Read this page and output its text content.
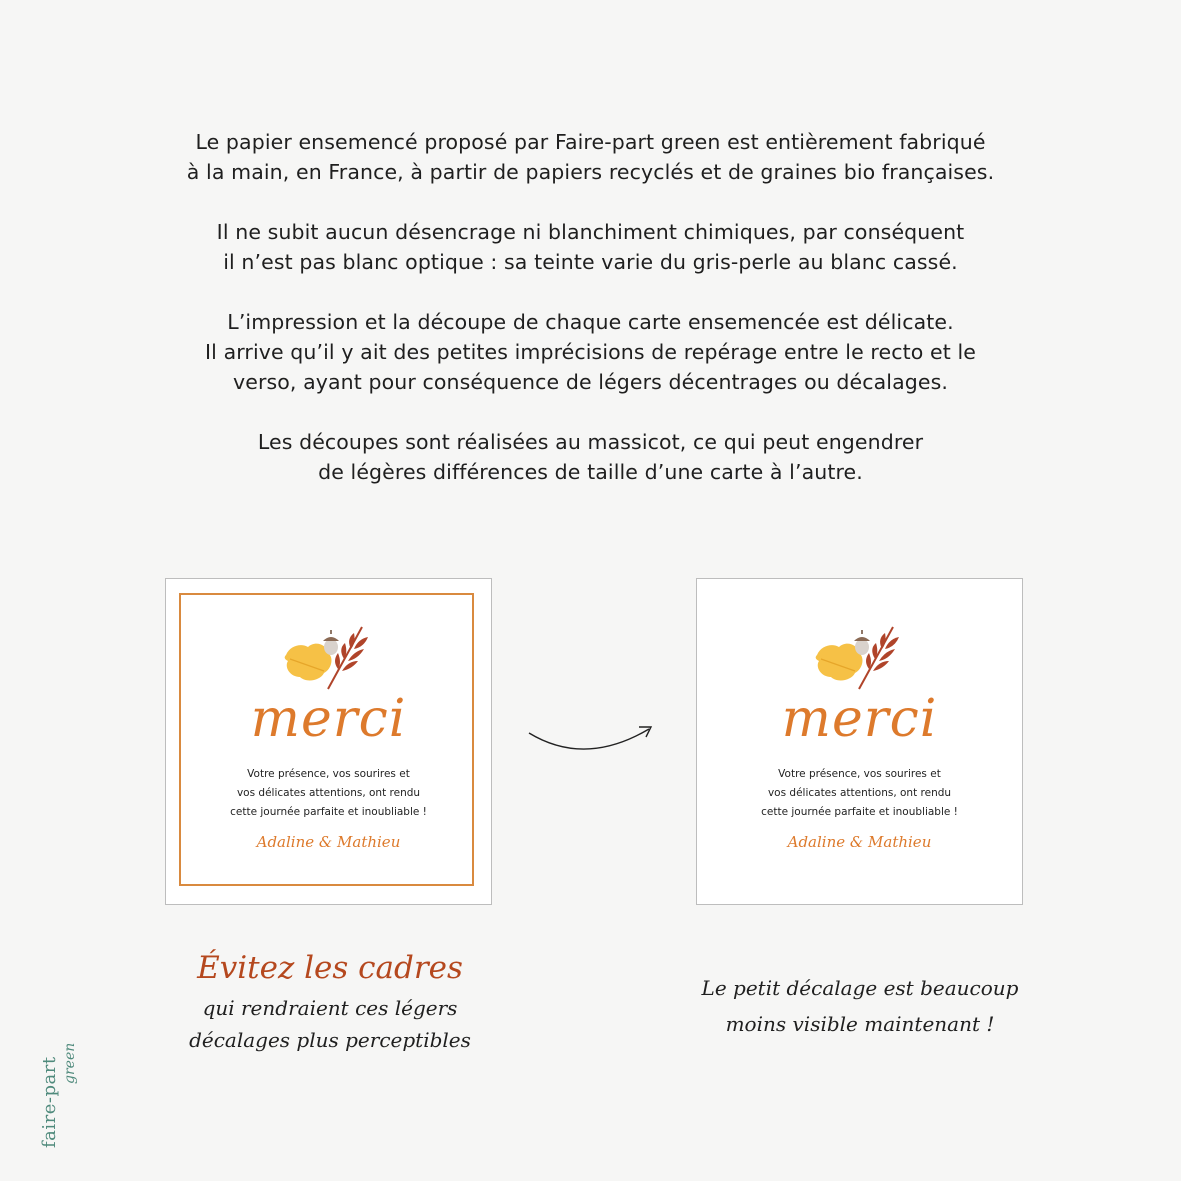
Le papier ensemencé proposé par Faire-part green est entièrement fabriqué
à la main, en France, à partir de papiers recyclés et de graines bio françaises.

Il ne subit aucun désencrage ni blanchiment chimiques, par conséquent
il n’est pas blanc optique : sa teinte varie du gris-perle au blanc cassé.

L’impression et la découpe de chaque carte ensemencée est délicate.
Il arrive qu’il y ait des petites imprécisions de repérage entre le recto et le
verso, ayant pour conséquence de légers décentrages ou décalages.

Les découpes sont réalisées au massicot, ce qui peut engendrer
de légères différences de taille d’une carte à l’autre.

merci
Votre présence, vos sourires et
vos délicates attentions, ont rendu
cette journée parfaite et inoubliable !
Adaline & Mathieu
merci
Votre présence, vos sourires et
vos délicates attentions, ont rendu
cette journée parfaite et inoubliable !
Adaline & Mathieu
Évitez les cadres
qui rendraient ces légers
décalages plus perceptibles
Le petit décalage est beaucoup
moins visible maintenant !
faire-part green
